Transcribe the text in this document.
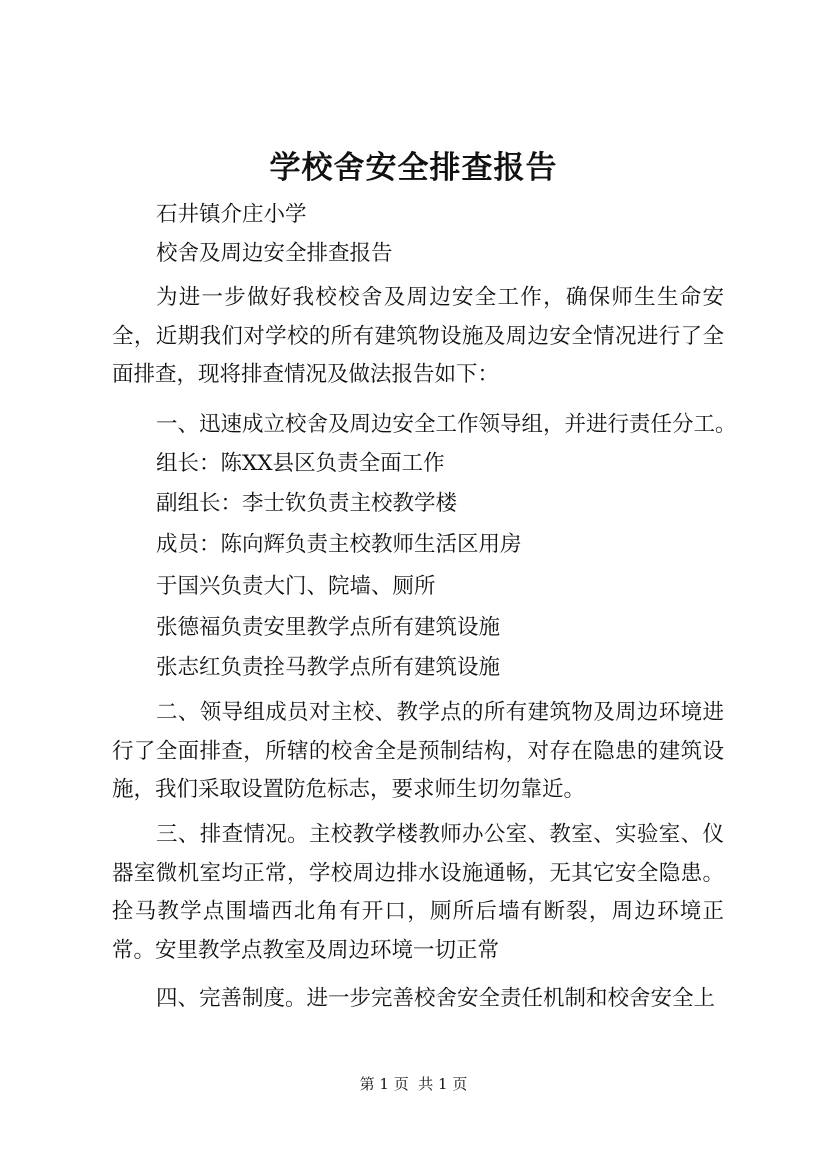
学校舍安全排查报告
石井镇介庄小学
校舍及周边安全排查报告

为进一步做好我校校舍及周边安全工作，确保师生生命安全，近期我们对学校的所有建筑物设施及周边安全情况进行了全面排查，现将排查情况及做法报告如下：

一、迅速成立校舍及周边安全工作领导组，并进行责任分工。
组长：陈XX县区负责全面工作
副组长：李士钦负责主校教学楼
成员：陈向辉负责主校教师生活区用房
于国兴负责大门、院墙、厕所
张德福负责安里教学点所有建筑设施
张志红负责拴马教学点所有建筑设施

二、领导组成员对主校、教学点的所有建筑物及周边环境进行了全面排查，所辖的校舍全是预制结构，对存在隐患的建筑设施，我们采取设置防危标志，要求师生切勿靠近。

三、排查情况。主校教学楼教师办公室、教室、实验室、仪器室微机室均正常，学校周边排水设施通畅，无其它安全隐患。拴马教学点围墙西北角有开口，厕所后墙有断裂，周边环境正常。安里教学点教室及周边环境一切正常

四、完善制度。进一步完善校舍安全责任机制和校舍安全上

第 1 页  共 1 页
